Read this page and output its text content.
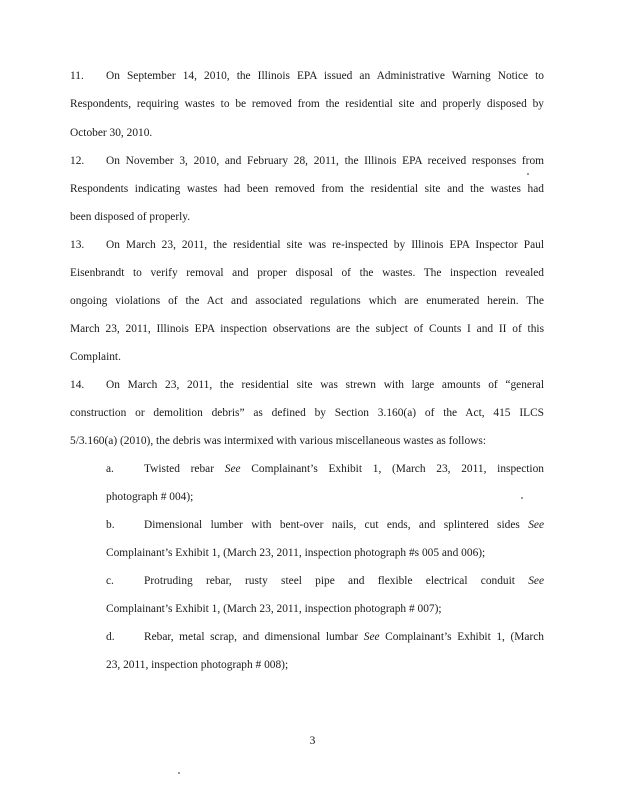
11. On September 14, 2010, the Illinois EPA issued an Administrative Warning Notice to
Respondents, requiring wastes to be removed from the residential site and properly disposed by
October 30, 2010.
12. On November 3, 2010, and February 28, 2011, the Illinois EPA received responses from
Respondents indicating wastes had been removed from the residential site and the wastes had
been disposed of properly.
13. On March 23, 2011, the residential site was re-inspected by Illinois EPA Inspector Paul
Eisenbrandt to verify removal and proper disposal of the wastes. The inspection revealed
ongoing violations of the Act and associated regulations which are enumerated herein. The
March 23, 2011, Illinois EPA inspection observations are the subject of Counts I and II of this
Complaint.
14. On March 23, 2011, the residential site was strewn with large amounts of “general
construction or demolition debris” as defined by Section 3.160(a) of the Act, 415 ILCS
5/3.160(a) (2010), the debris was intermixed with various miscellaneous wastes as follows:
a.	Twisted rebar See Complainant’s Exhibit 1, (March 23, 2011, inspection
photograph # 004);
b.	Dimensional lumber with bent-over nails, cut ends, and splintered sides See
Complainant’s Exhibit 1, (March 23, 2011, inspection photograph #s 005 and 006);
c.	Protruding rebar, rusty steel pipe and flexible electrical conduit See
Complainant’s Exhibit 1, (March 23, 2011, inspection photograph # 007);
d.	Rebar, metal scrap, and dimensional lumbar See Complainant’s Exhibit 1, (March
23, 2011, inspection photograph # 008);
3
